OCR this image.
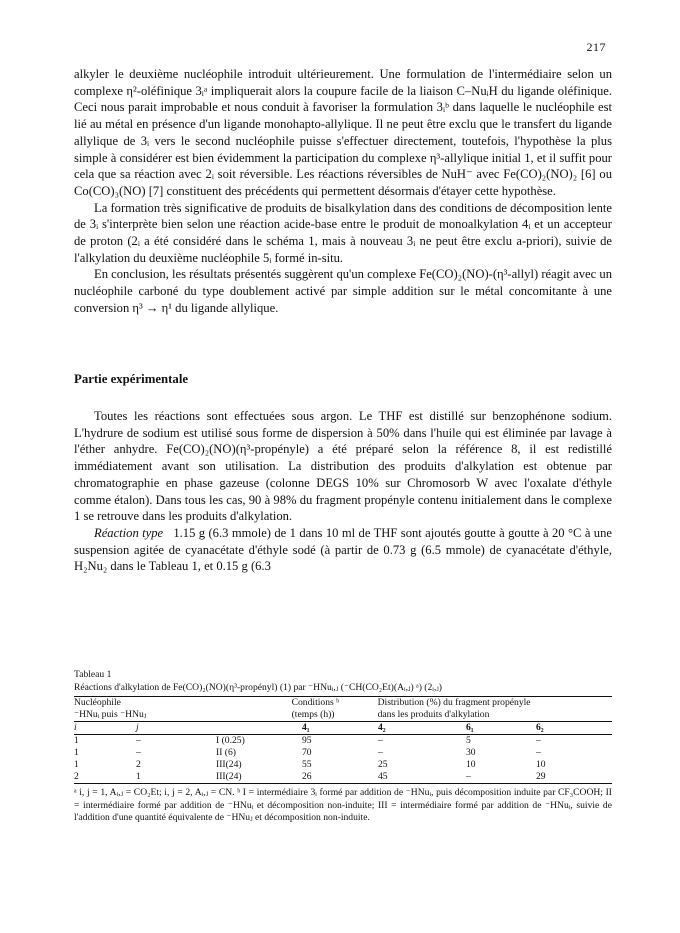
217

alkyler le deuxième nucléophile introduit ultérieurement. Une formulation de l'intermédiaire selon un complexe η²-oléfinique 3ᵢᵃ impliquerait alors la coupure facile de la liaison C–NuᵢH du ligande oléfinique. Ceci nous parait improbable et nous conduit à favoriser la formulation 3ᵢᵇ dans laquelle le nucléophile est lié au métal en présence d'un ligande monohapto-allylique. Il ne peut être exclu que le transfert du ligande allylique de 3ᵢ vers le second nucléophile puisse s'effectuer directement, toutefois, l'hypothèse la plus simple à considérer est bien évidemment la participation du complexe η³-allylique initial 1, et il suffit pour cela que sa réaction avec 2ᵢ soit réversible. Les réactions réversibles de NuH⁻ avec Fe(CO)₂(NO)₂ [6] ou Co(CO)₃(NO) [7] constituent des précédents qui permettent désormais d'étayer cette hypothèse.

La formation très significative de produits de bisalkylation dans des conditions de décomposition lente de 3ᵢ s'interprète bien selon une réaction acide-base entre le produit de monoalkylation 4ᵢ et un accepteur de proton (2ᵢ a été considéré dans le schéma 1, mais à nouveau 3ᵢ ne peut être exclu a-priori), suivie de l'alkylation du deuxième nucléophile 5ᵢ formé in-situ.

En conclusion, les résultats présentés suggèrent qu'un complexe Fe(CO)₂(NO)-(η³-allyl) réagit avec un nucléophile carboné du type doublement activé par simple addition sur le métal concomitante à une conversion η³ → η¹ du ligande allylique.

Partie expérimentale

Toutes les réactions sont effectuées sous argon. Le THF est distillé sur benzophénone sodium. L'hydrure de sodium est utilisé sous forme de dispersion à 50% dans l'huile qui est éliminée par lavage à l'éther anhydre. Fe(CO)₂(NO)(η³-propényle) a été préparé selon la référence 8, il est redistillé immédiatement avant son utilisation. La distribution des produits d'alkylation est obtenue par chromatographie en phase gazeuse (colonne DEGS 10% sur Chromosorb W avec l'oxalate d'éthyle comme étalon). Dans tous les cas, 90 à 98% du fragment propényle contenu initialement dans le complexe 1 se retrouve dans les produits d'alkylation.

Réaction type 1.15 g (6.3 mmole) de 1 dans 10 ml de THF sont ajoutés goutte à goutte à 20 °C à une suspension agitée de cyanacétate d'éthyle sodé (à partir de 0.73 g (6.5 mmole) de cyanacétate d'éthyle, H₂Nu₂ dans le Tableau 1, et 0.15 g (6.3

Tableau 1

Réactions d'alkylation de Fe(CO)₂(NO)(η³-propényl) (1) par ⁻HNuᵢ,ⱼ (⁻CH(CO₂Et)(Aᵢ,ⱼ) ᵃ) (2ᵢ,ⱼ)

Nucléophile	Conditions ᵇ	Distribution (%) du fragment propényle
⁻HNuᵢ puis ⁻HNuⱼ	(temps (h))	dans les produits d'alkylation
i	j		4₁	4₂	6₁	6₂
1	–	I (0.25)	95	–	5	–
1	–	II (6)	70	–	30	–
1	2	III(24)	55	25	10	10
2	1	III(24)	26	45	–	29
ᵃ i, j = 1, Aᵢ,ⱼ = CO₂Et; i, j = 2, Aᵢ,ⱼ = CN. ᵇ I = intermédiaire 3ᵢ formé par addition de ⁻HNuᵢ, puis décomposition induite par CF₃COOH; II = intermédiaire formé par addition de ⁻HNuᵢ et décomposition non-induite; III = intermédiaire formé par addition de ⁻HNuᵢ, suivie de l'addition d'une quantité équivalente de ⁻HNuⱼ et décomposition non-induite.
